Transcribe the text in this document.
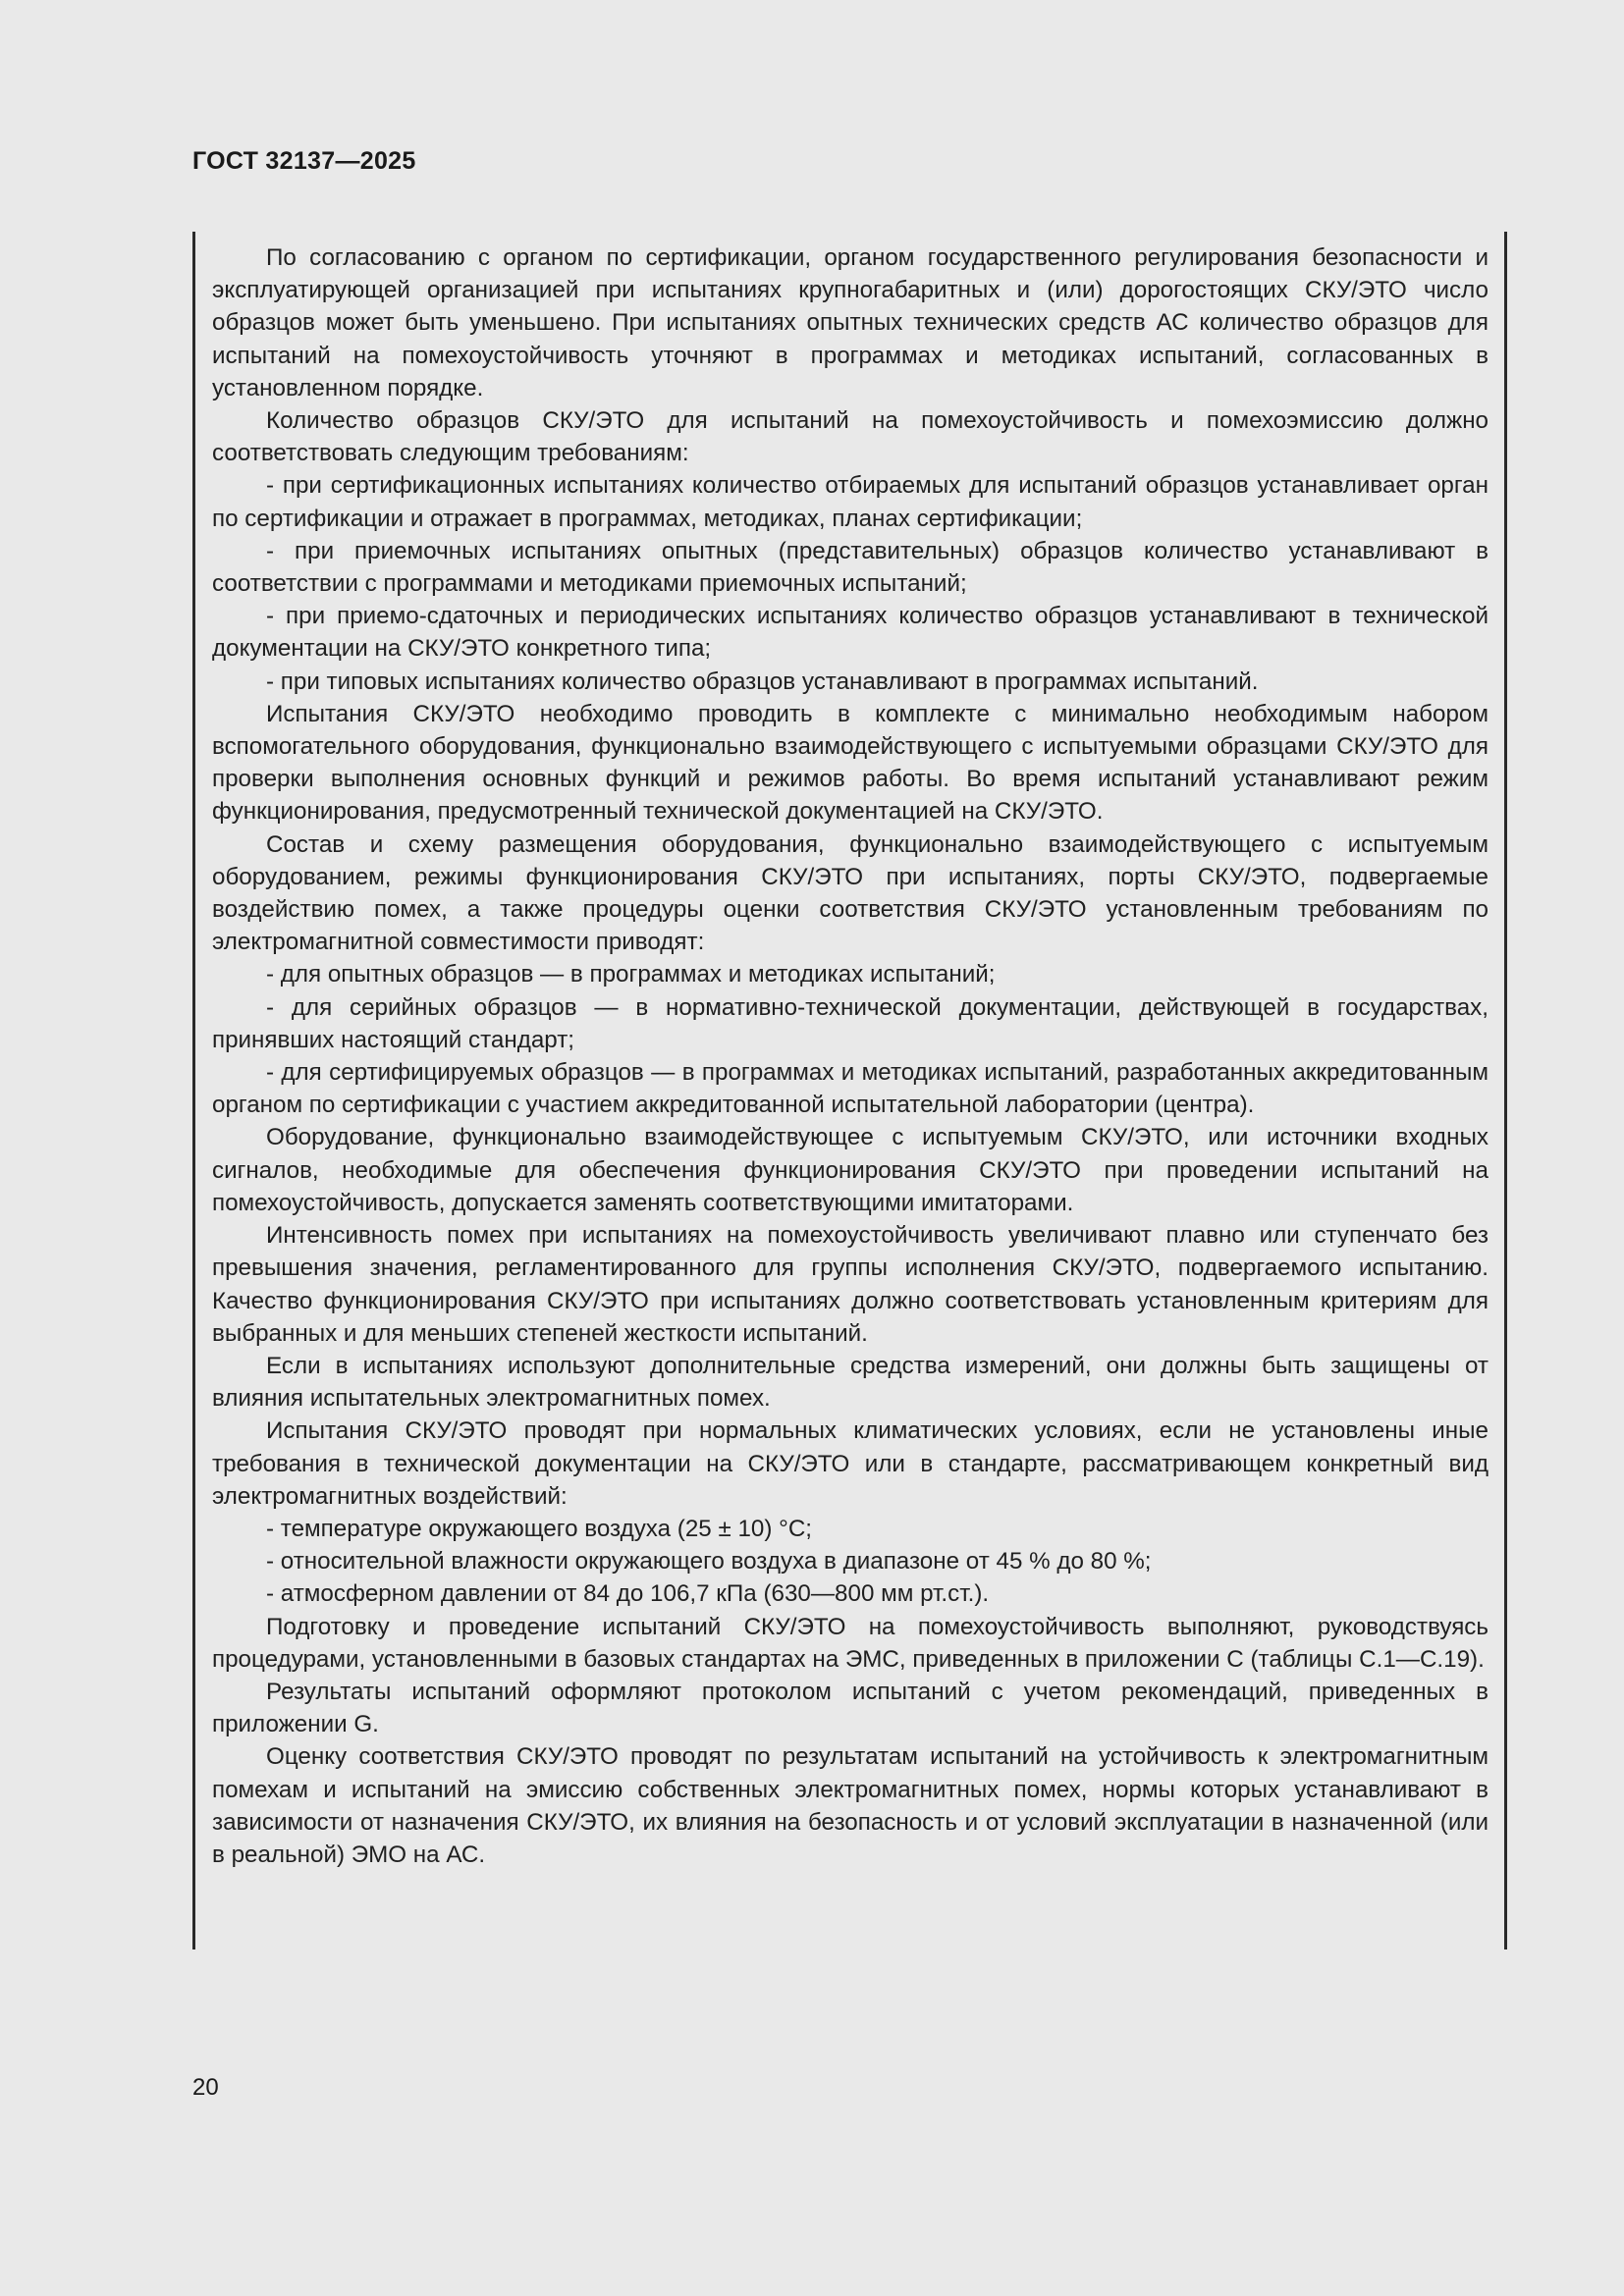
ГОСТ 32137—2025

По согласованию с органом по сертификации, органом государственного регулирования безопасности и эксплуатирующей организацией при испытаниях крупногабаритных и (или) дорогостоящих СКУ/ЭТО число образцов может быть уменьшено. При испытаниях опытных технических средств АС количество образцов для испытаний на помехоустойчивость уточняют в программах и методиках испытаний, согласованных в установленном порядке.

Количество образцов СКУ/ЭТО для испытаний на помехоустойчивость и помехоэмиссию должно соответствовать следующим требованиям:

- при сертификационных испытаниях количество отбираемых для испытаний образцов устанавливает орган по сертификации и отражает в программах, методиках, планах сертификации;

- при приемочных испытаниях опытных (представительных) образцов количество устанавливают в соответствии с программами и методиками приемочных испытаний;

- при приемо-сдаточных и периодических испытаниях количество образцов устанавливают в технической документации на СКУ/ЭТО конкретного типа;

- при типовых испытаниях количество образцов устанавливают в программах испытаний.

Испытания СКУ/ЭТО необходимо проводить в комплекте с минимально необходимым набором вспомогательного оборудования, функционально взаимодействующего с испытуемыми образцами СКУ/ЭТО для проверки выполнения основных функций и режимов работы. Во время испытаний устанавливают режим функционирования, предусмотренный технической документацией на СКУ/ЭТО.

Состав и схему размещения оборудования, функционально взаимодействующего с испытуемым оборудованием, режимы функционирования СКУ/ЭТО при испытаниях, порты СКУ/ЭТО, подвергаемые воздействию помех, а также процедуры оценки соответствия СКУ/ЭТО установленным требованиям по электромагнитной совместимости приводят:

- для опытных образцов — в программах и методиках испытаний;

- для серийных образцов — в нормативно-технической документации, действующей в государствах, принявших настоящий стандарт;

- для сертифицируемых образцов — в программах и методиках испытаний, разработанных аккредитованным органом по сертификации с участием аккредитованной испытательной лаборатории (центра).

Оборудование, функционально взаимодействующее с испытуемым СКУ/ЭТО, или источники входных сигналов, необходимые для обеспечения функционирования СКУ/ЭТО при проведении испытаний на помехоустойчивость, допускается заменять соответствующими имитаторами.

Интенсивность помех при испытаниях на помехоустойчивость увеличивают плавно или ступенчато без превышения значения, регламентированного для группы исполнения СКУ/ЭТО, подвергаемого испытанию. Качество функционирования СКУ/ЭТО при испытаниях должно соответствовать установленным критериям для выбранных и для меньших степеней жесткости испытаний.

Если в испытаниях используют дополнительные средства измерений, они должны быть защищены от влияния испытательных электромагнитных помех.

Испытания СКУ/ЭТО проводят при нормальных климатических условиях, если не установлены иные требования в технической документации на СКУ/ЭТО или в стандарте, рассматривающем конкретный вид электромагнитных воздействий:

- температуре окружающего воздуха (25 ± 10) °С;

- относительной влажности окружающего воздуха в диапазоне от 45 % до 80 %;

- атмосферном давлении от 84 до 106,7 кПа (630—800 мм рт.ст.).

Подготовку и проведение испытаний СКУ/ЭТО на помехоустойчивость выполняют, руководствуясь процедурами, установленными в базовых стандартах на ЭМС, приведенных в приложении С (таблицы С.1—С.19).

Результаты испытаний оформляют протоколом испытаний с учетом рекомендаций, приведенных в приложении G.

Оценку соответствия СКУ/ЭТО проводят по результатам испытаний на устойчивость к электромагнитным помехам и испытаний на эмиссию собственных электромагнитных помех, нормы которых устанавливают в зависимости от назначения СКУ/ЭТО, их влияния на безопасность и от условий эксплуатации в назначенной (или в реальной) ЭМО на АС.

20
